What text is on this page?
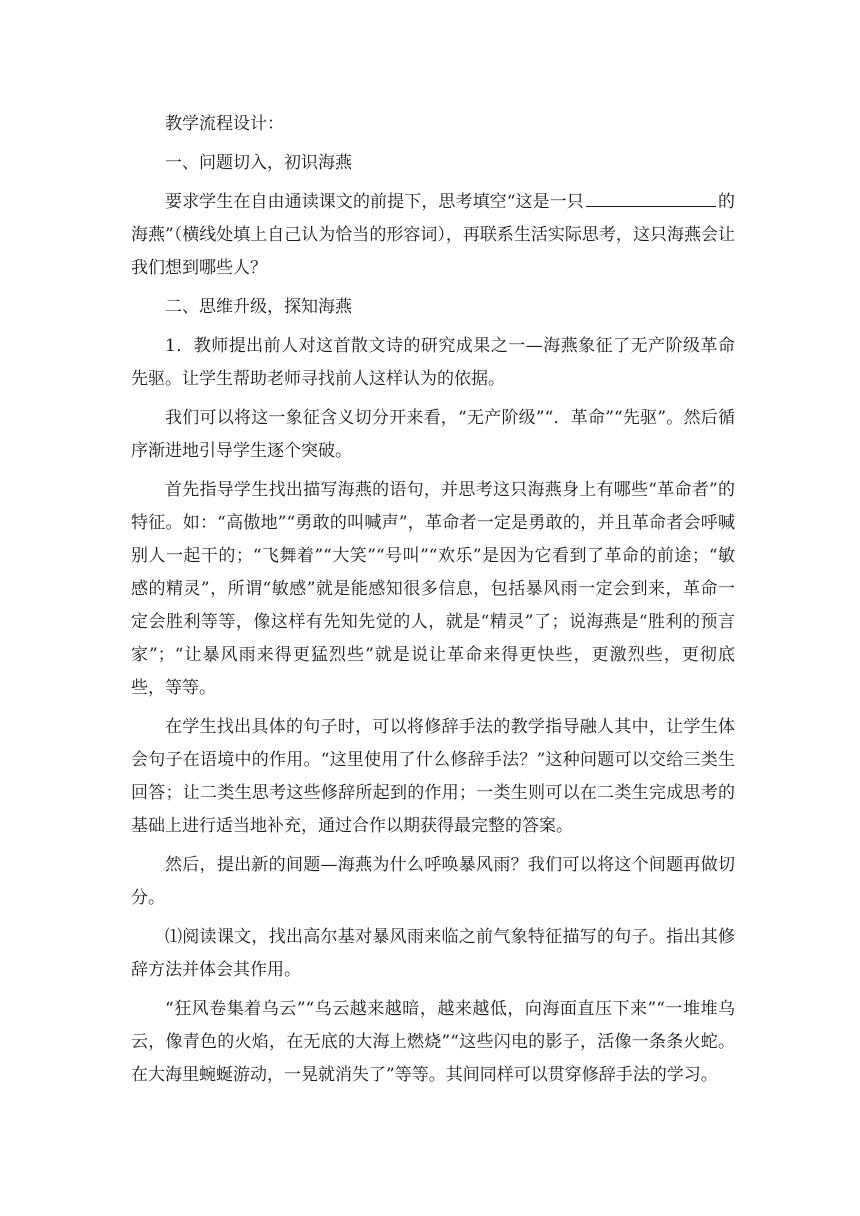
教学流程设计：

一、问题切入，初识海燕

要求学生在自由通读课文的前提下，思考填空“这是一只	的海燕”（横线处填上自己认为恰当的形容词），再联系生活实际思考，这只海燕会让我们想到哪些人？

二、思维升级，探知海燕

1．教师提出前人对这首散文诗的研究成果之一—海燕象征了无产阶级革命先驱。让学生帮助老师寻找前人这样认为的依据。

我们可以将这一象征含义切分开来看，“无产阶级”“．革命”“先驱”。然后循序渐进地引导学生逐个突破。

首先指导学生找出描写海燕的语句，并思考这只海燕身上有哪些“革命者”的特征。如：“高傲地”“勇敢的叫喊声”，革命者一定是勇敢的，并且革命者会呼喊别人一起干的；“飞舞着”“大笑”“号叫”“欢乐”是因为它看到了革命的前途；“敏感的精灵”，所谓“敏感”就是能感知很多信息，包括暴风雨一定会到来，革命一定会胜利等等，像这样有先知先觉的人，就是“精灵”了；说海燕是“胜利的预言家”；“让暴风雨来得更猛烈些”就是说让革命来得更快些，更激烈些，更彻底些，等等。

在学生找出具体的句子时，可以将修辞手法的教学指导融人其中，让学生体会句子在语境中的作用。“这里使用了什么修辞手法？”这种问题可以交给三类生回答；让二类生思考这些修辞所起到的作用；一类生则可以在二类生完成思考的基础上进行适当地补充，通过合作以期获得最完整的答案。

然后，提出新的间题—海燕为什么呼唤暴风雨？我们可以将这个间题再做切分。

⑴阅读课文，找出高尔基对暴风雨来临之前气象特征描写的句子。指出其修辞方法并体会其作用。

“狂风卷集着乌云”“乌云越来越暗，越来越低，向海面直压下来”“一堆堆乌云，像青色的火焰，在无底的大海上燃烧”“这些闪电的影子，活像一条条火蛇。在大海里蜿蜒游动，一晃就消失了”等等。其间同样可以贯穿修辞手法的学习。
